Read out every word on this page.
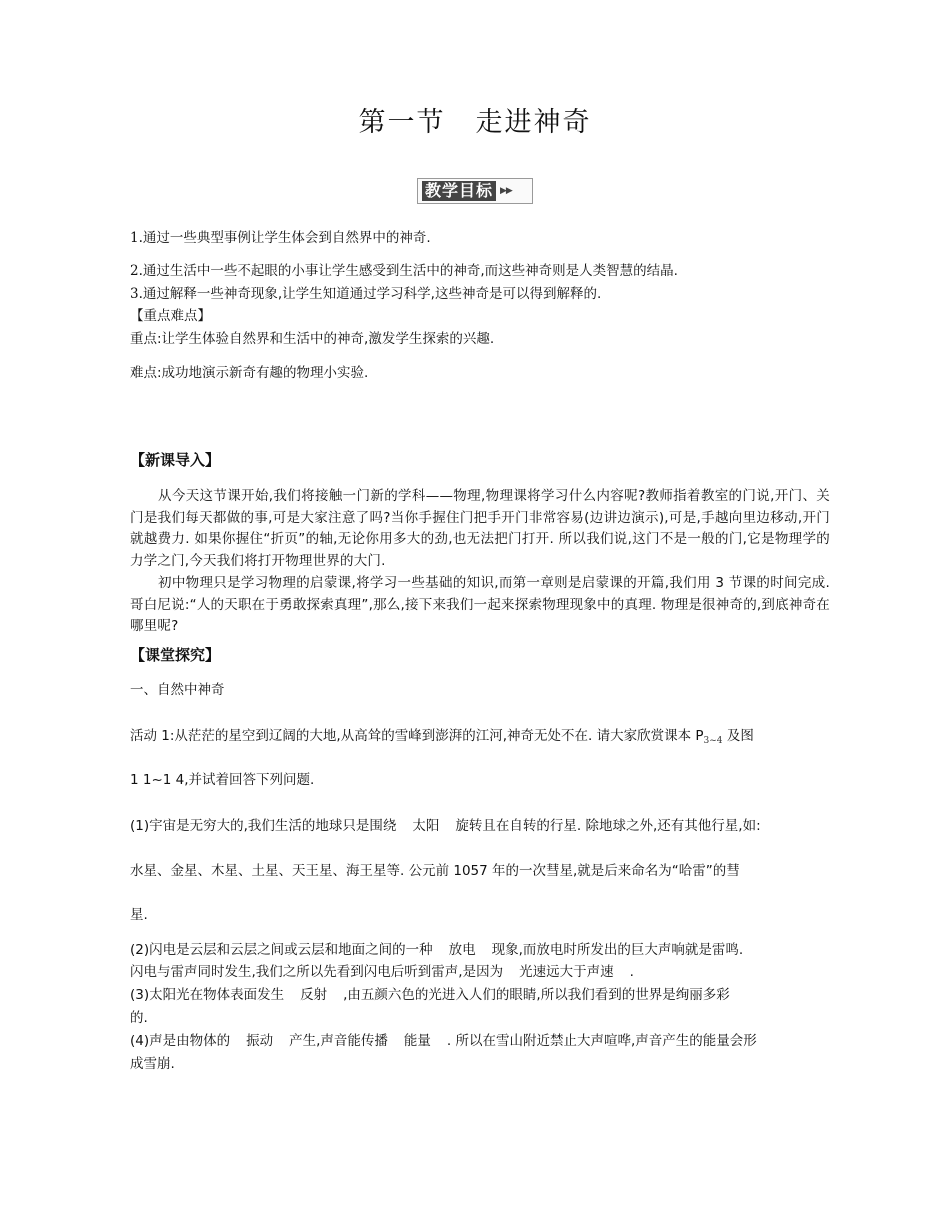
第一节 走进神奇
教学目标 ▶▶
1.通过一些典型事例让学生体会到自然界中的神奇.
2.通过生活中一些不起眼的小事让学生感受到生活中的神奇,而这些神奇则是人类智慧的结晶.
3.通过解释一些神奇现象,让学生知道通过学习科学,这些神奇是可以得到解释的.
【重点难点】
重点:让学生体验自然界和生活中的神奇,激发学生探索的兴趣.
难点:成功地演示新奇有趣的物理小实验.
【新课导入】
从今天这节课开始,我们将接触一门新的学科——物理,物理课将学习什么内容呢?教师指着教室的门说,开门、关门是我们每天都做的事,可是大家注意了吗?当你手握住门把手开门非常容易(边讲边演示),可是,手越向里边移动,开门就越费力. 如果你握住“折页”的轴,无论你用多大的劲,也无法把门打开. 所以我们说,这门不是一般的门,它是物理学的力学之门,今天我们将打开物理世界的大门.
初中物理只是学习物理的启蒙课,将学习一些基础的知识,而第一章则是启蒙课的开篇,我们用 3 节课的时间完成. 哥白尼说:“人的天职在于勇敢探索真理”,那么,接下来我们一起来探索物理现象中的真理. 物理是很神奇的,到底神奇在哪里呢?
【课堂探究】
一、自然中神奇
活动 1:从茫茫的星空到辽阔的大地,从高耸的雪峰到澎湃的江河,神奇无处不在. 请大家欣赏课本 $P_{3\sim 4}$ 及图
1 1~1 4,并试着回答下列问题.
(1)宇宙是无穷大的,我们生活的地球只是围绕 太阳 旋转且在自转的行星. 除地球之外,还有其他行星,如:
水星、金星、木星、土星、天王星、海王星等. 公元前 1057 年的一次彗星,就是后来命名为“哈雷”的彗
星.
(2)闪电是云层和云层之间或云层和地面之间的一种 放电 现象,而放电时所发出的巨大声响就是雷鸣.
闪电与雷声同时发生,我们之所以先看到闪电后听到雷声,是因为 光速远大于声速 .
(3)太阳光在物体表面发生 反射 ,由五颜六色的光进入人们的眼睛,所以我们看到的世界是绚丽多彩
的.
(4)声是由物体的 振动 产生,声音能传播 能量 . 所以在雪山附近禁止大声喧哗,声音产生的能量会形
成雪崩.
